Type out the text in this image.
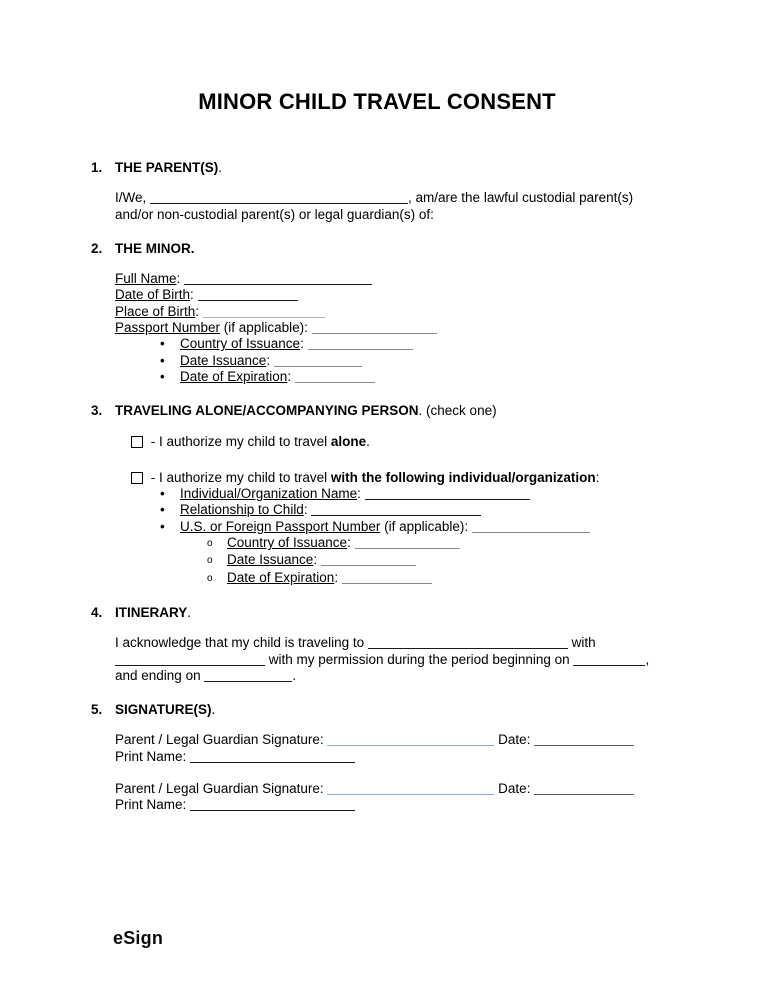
MINOR CHILD TRAVEL CONSENT
1. THE PARENT(S).
I/We,	, am/are the lawful custodial parent(s)
and/or non-custodial parent(s) or legal guardian(s) of:
2. THE MINOR.
Full Name:
Date of Birth:
Place of Birth:
Passport Number (if applicable):
• Country of Issuance:
• Date Issuance:
• Date of Expiration:
3. TRAVELING ALONE/ACCOMPANYING PERSON. (check one)
- I authorize my child to travel alone.
- I authorize my child to travel with the following individual/organization:
• Individual/Organization Name:
• Relationship to Child:
• U.S. or Foreign Passport Number (if applicable):
o Country of Issuance:
o Date Issuance:
o Date of Expiration:
4. ITINERARY.
I acknowledge that my child is traveling to	with
with my permission during the period beginning on	,
and ending on	.
5. SIGNATURE(S).
Parent / Legal Guardian Signature:	Date:
Print Name:
Parent / Legal Guardian Signature:	Date:
Print Name:
eSign
